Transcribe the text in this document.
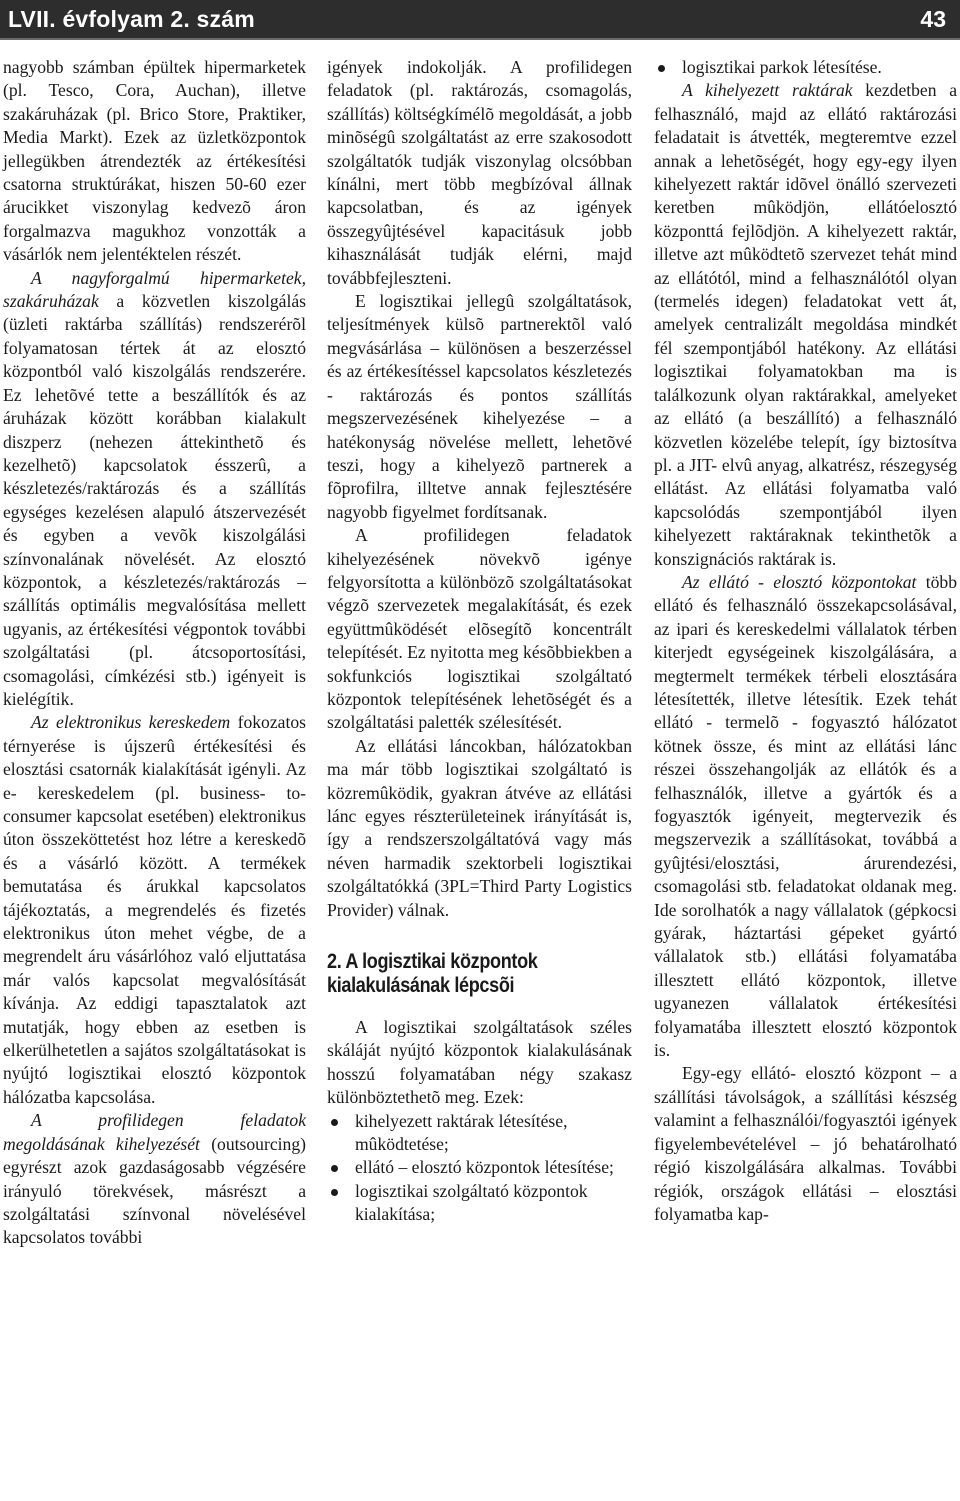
LVII. évfolyam 2. szám	43

nagyobb számban épültek hipermarketek (pl. Tesco, Cora, Auchan), illetve szakáruházak (pl. Brico Store, Praktiker, Media Markt). Ezek az üzletközpontok jellegükben átrendezték az értékesítési csatorna struktúrákat, hiszen 50-60 ezer árucikket viszonylag kedvezõ áron forgalmazva magukhoz vonzották a vásárlók nem jelentéktelen részét.

A nagyforgalmú hipermarketek, szakáruházak a közvetlen kiszolgálás (üzleti raktárba szállítás) rendszerérõl folyamatosan tértek át az elosztó központból való kiszolgálás rendszerére. Ez lehetõvé tette a beszállítók és az áruházak között korábban kialakult diszperz (nehezen áttekinthetõ és kezelhetõ) kapcsolatok ésszerû, a készletezés/raktározás és a szállítás egységes kezelésen alapuló átszervezését és egyben a vevõk kiszolgálási színvonalának növelését. Az elosztó központok, a készletezés/raktározás – szállítás optimális megvalósítása mellett ugyanis, az értékesítési végpontok további szolgáltatási (pl. átcsoportosítási, csomagolási, címkézési stb.) igényeit is kielégítik.

Az elektronikus kereskedem fokozatos térnyerése is újszerû értékesítési és elosztási csatornák kialakítását igényli. Az e- kereskedelem (pl. business- to-consumer kapcsolat esetében) elektronikus úton összeköttetést hoz létre a kereskedõ és a vásárló között. A termékek bemutatása és árukkal kapcsolatos tájékoztatás, a megrendelés és fizetés elektronikus úton mehet végbe, de a megrendelt áru vásárlóhoz való eljuttatása már valós kapcsolat megvalósítását kívánja. Az eddigi tapasztalatok azt mutatják, hogy ebben az esetben is elkerülhetetlen a sajátos szolgáltatásokat is nyújtó logisztikai elosztó központok hálózatba kapcsolása.

A profilidegen feladatok megoldásának kihelyezését (outsourcing) egyrészt azok gazdaságosabb végzésére irányuló törekvések, másrészt a szolgáltatási színvonal növelésével kapcsolatos további

igények indokolják. A profilidegen feladatok (pl. raktározás, csomagolás, szállítás) költségkímélõ megoldását, a jobb minõségû szolgáltatást az erre szakosodott szolgáltatók tudják viszonylag olcsóbban kínálni, mert több megbízóval állnak kapcsolatban, és az igények összegyûjtésével kapacitásuk jobb kihasználását tudják elérni, majd továbbfejleszteni.

E logisztikai jellegû szolgáltatások, teljesítmények külsõ partnerektõl való megvásárlása – különösen a beszerzéssel és az értékesítéssel kapcsolatos készletezés - raktározás és pontos szállítás megszervezésének kihelyezése – a hatékonyság növelése mellett, lehetõvé teszi, hogy a kihelyezõ partnerek a fõprofilra, illtetve annak fejlesztésére nagyobb figyelmet fordítsanak.

A profilidegen feladatok kihelyezésének növekvõ igénye felgyorsította a különbözõ szolgáltatásokat végzõ szervezetek megalakítását, és ezek együttmûködését elõsegítõ koncentrált telepítését. Ez nyitotta meg késõbbiekben a sokfunkciós logisztikai szolgáltató központok telepítésének lehetõségét és a szolgáltatási palették szélesítését.

Az ellátási láncokban, hálózatokban ma már több logisztikai szolgáltató is közremûködik, gyakran átvéve az ellátási lánc egyes részterületeinek irányítását is, így a rendszerszolgáltatóvá vagy más néven harmadik szektorbeli logisztikai szolgáltatókká (3PL=Third Party Logistics Provider) válnak.

2. A logisztikai központok kialakulásának lépcsõi

A logisztikai szolgáltatások széles skáláját nyújtó központok kialakulásának hosszú folyamatában négy szakasz különböztethetõ meg. Ezek:

kihelyezett raktárak létesítése, mûködtetése;
ellátó – elosztó központok létesítése;
logisztikai szolgáltató központok kialakítása;
logisztikai parkok létesítése.

A kihelyezett raktárak kezdetben a felhasználó, majd az ellátó raktározási feladatait is átvették, megteremtve ezzel annak a lehetõségét, hogy egy-egy ilyen kihelyezett raktár idõvel önálló szervezeti keretben mûködjön, ellátóelosztó központtá fejlõdjön. A kihelyezett raktár, illetve azt mûködtetõ szervezet tehát mind az ellátótól, mind a felhasználótól olyan (termelés idegen) feladatokat vett át, amelyek centralizált megoldása mindkét fél szempontjából hatékony. Az ellátási logisztikai folyamatokban ma is találkozunk olyan raktárakkal, amelyeket az ellátó (a beszállító) a felhasználó közvetlen közelébe telepít, így biztosítva pl. a JIT- elvû anyag, alkatrész, részegység ellátást. Az ellátási folyamatba való kapcsolódás szempontjából ilyen kihelyezett raktáraknak tekinthetõk a konszignációs raktárak is.

Az ellátó - elosztó központokat több ellátó és felhasználó összekapcsolásával, az ipari és kereskedelmi vállalatok térben kiterjedt egységeinek kiszolgálására, a megtermelt termékek térbeli elosztására létesítették, illetve létesítik. Ezek tehát ellátó - termelõ - fogyasztó hálózatot kötnek össze, és mint az ellátási lánc részei összehangolják az ellátók és a felhasználók, illetve a gyártók és a fogyasztók igényeit, megtervezik és megszervezik a szállításokat, továbbá a gyûjtési/elosztási, árurendezési, csomagolási stb. feladatokat oldanak meg. Ide sorolhatók a nagy vállalatok (gépkocsi gyárak, háztartási gépeket gyártó vállalatok stb.) ellátási folyamatába illesztett ellátó központok, illetve ugyanezen vállalatok értékesítési folyamatába illesztett elosztó központok is.

Egy-egy ellátó- elosztó központ – a szállítási távolságok, a szállítási készség valamint a felhasználói/fogyasztói igények figyelembevételével – jó behatárolható régió kiszolgálására alkalmas. További régiók, országok ellátási – elosztási folyamatba kap-
